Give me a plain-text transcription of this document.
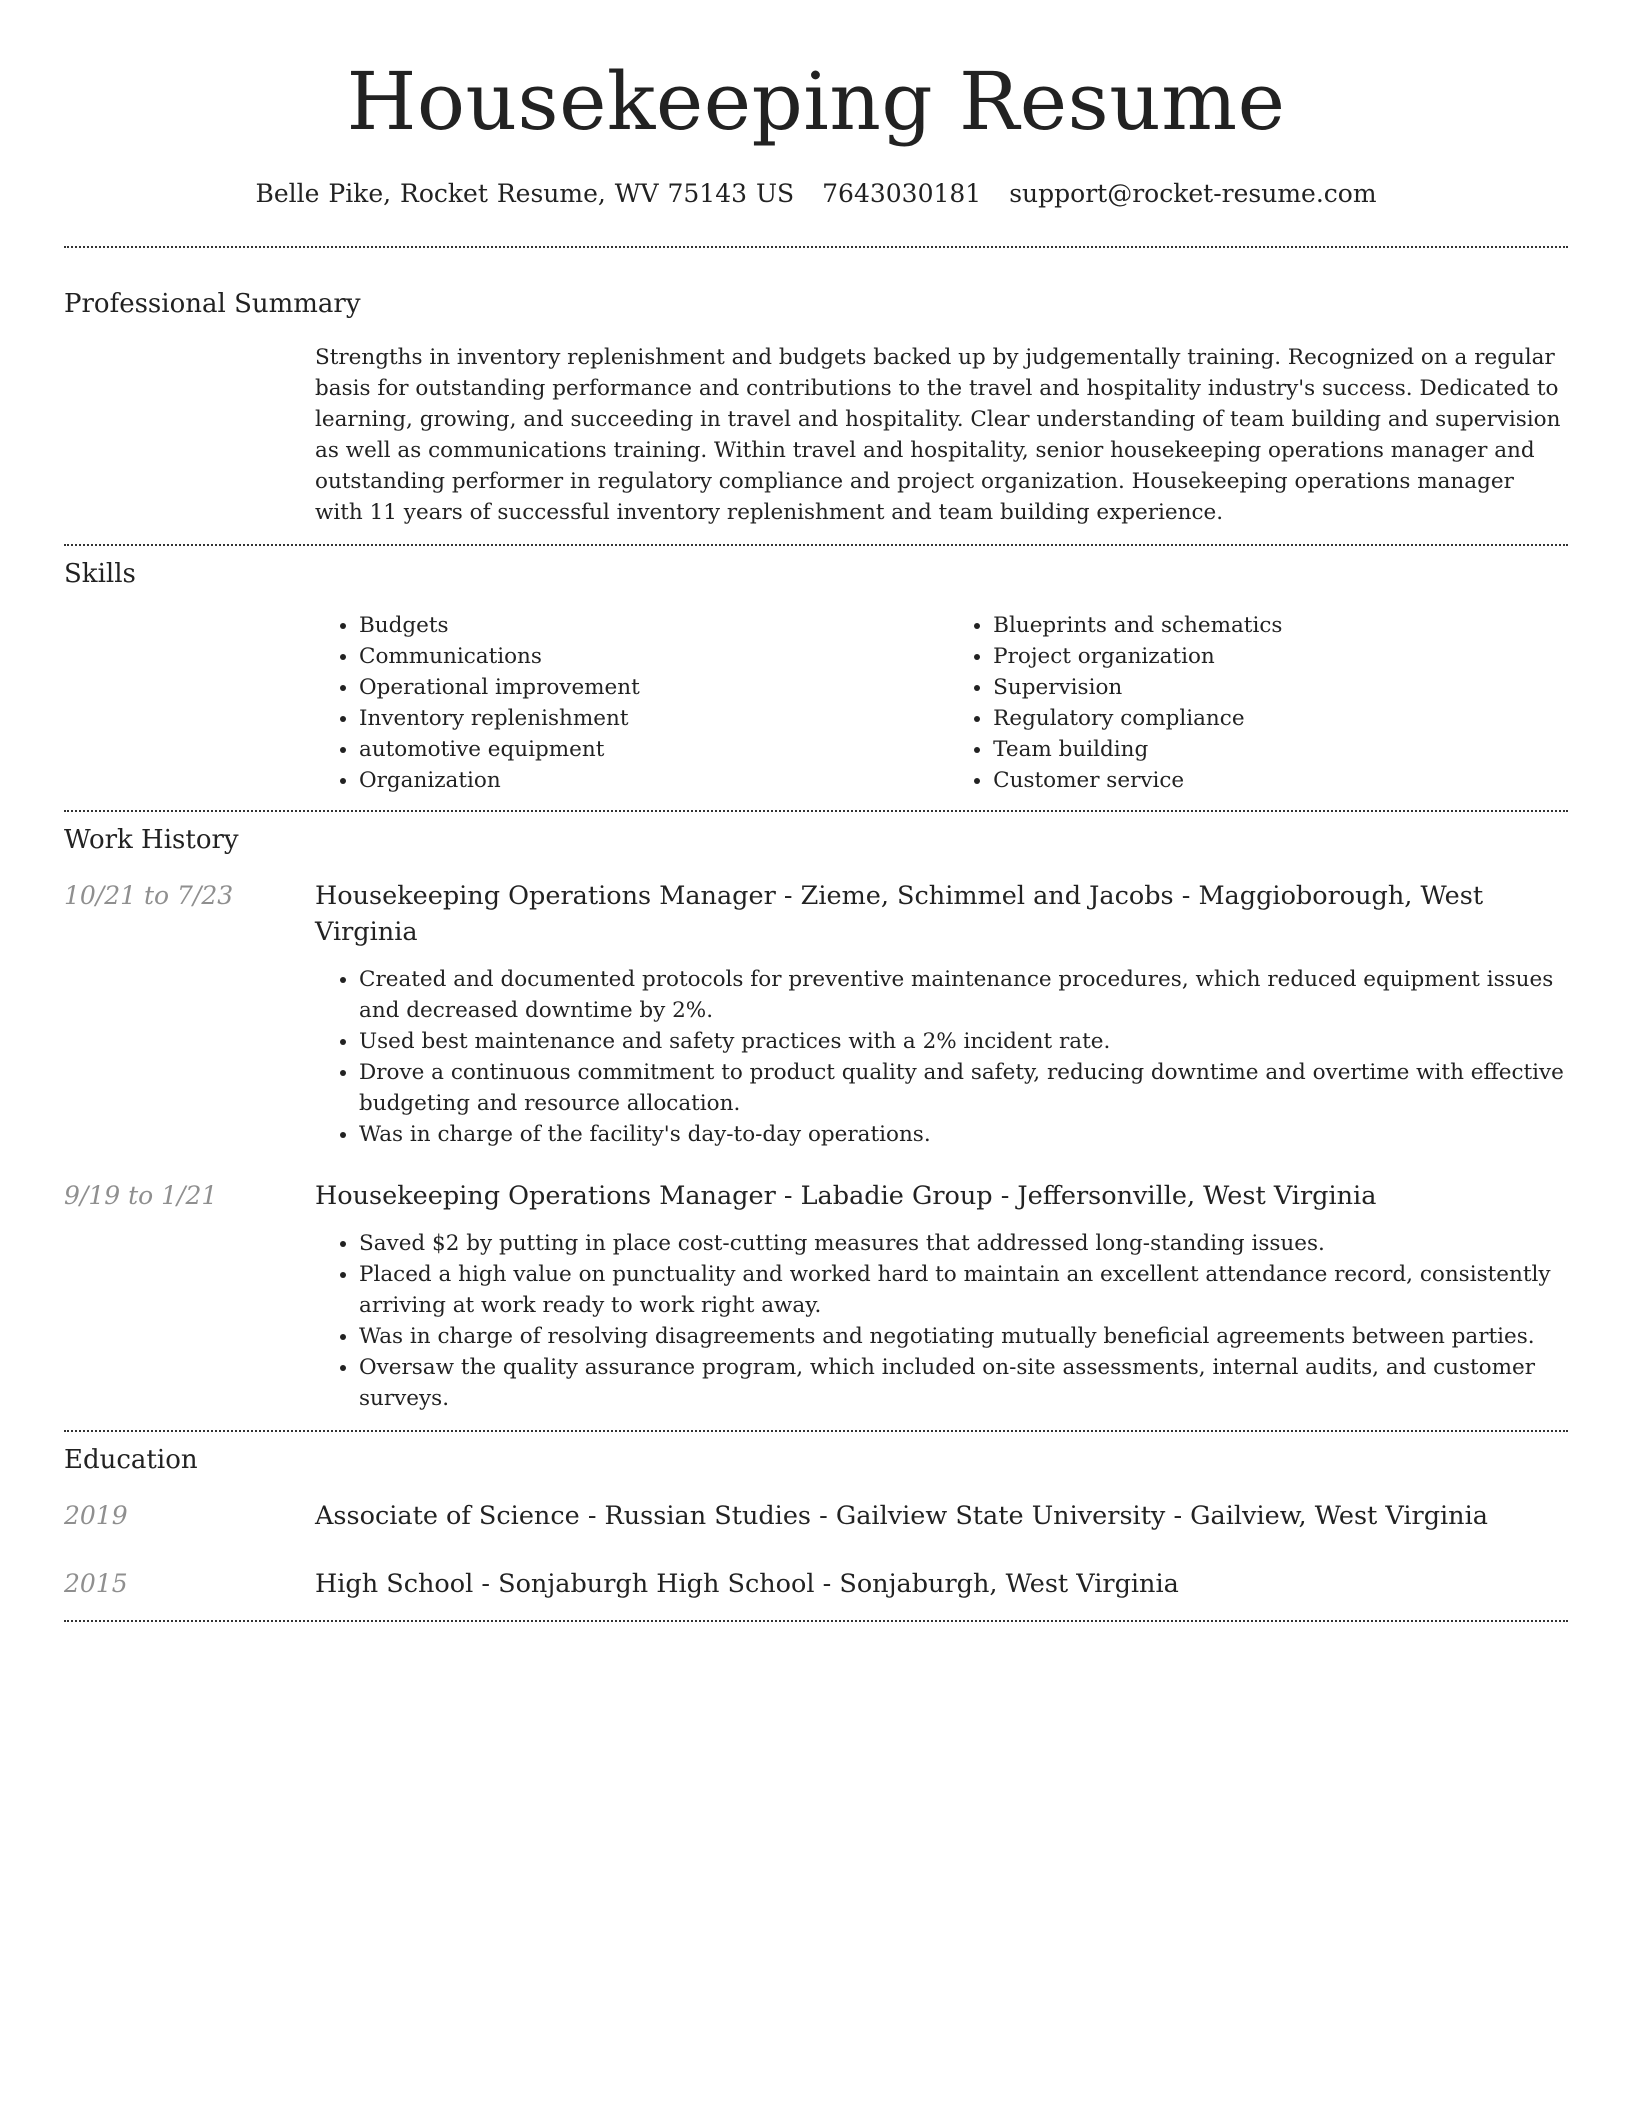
Housekeeping Resume
Belle Pike, Rocket Resume, WV 75143 US 7643030181 support@rocket-resume.com
Professional Summary

Strengths in inventory replenishment and budgets backed up by judgementally training. Recognized on a regular basis for outstanding performance and contributions to the travel and hospitality industry's success. Dedicated to learning, growing, and succeeding in travel and hospitality. Clear understanding of team building and supervision as well as communications training. Within travel and hospitality, senior housekeeping operations manager and outstanding performer in regulatory compliance and project organization. Housekeeping operations manager with 11 years of successful inventory replenishment and team building experience.

Skills
• Budgets
• Communications
• Operational improvement
• Inventory replenishment
• automotive equipment
• Organization
• Blueprints and schematics
• Project organization
• Supervision
• Regulatory compliance
• Team building
• Customer service
Work History
10/21 to 7/23	Housekeeping Operations Manager - Zieme, Schimmel and Jacobs - Maggioborough, West Virginia
• Created and documented protocols for preventive maintenance procedures, which reduced equipment issues and decreased downtime by 2%.
• Used best maintenance and safety practices with a 2% incident rate.
• Drove a continuous commitment to product quality and safety, reducing downtime and overtime with effective budgeting and resource allocation.
• Was in charge of the facility's day-to-day operations.
9/19 to 1/21	Housekeeping Operations Manager - Labadie Group - Jeffersonville, West Virginia
• Saved $2 by putting in place cost-cutting measures that addressed long-standing issues.
• Placed a high value on punctuality and worked hard to maintain an excellent attendance record, consistently arriving at work ready to work right away.
• Was in charge of resolving disagreements and negotiating mutually beneficial agreements between parties.
• Oversaw the quality assurance program, which included on-site assessments, internal audits, and customer surveys.
Education
2019	Associate of Science - Russian Studies - Gailview State University - Gailview, West Virginia
2015	High School - Sonjaburgh High School - Sonjaburgh, West Virginia
